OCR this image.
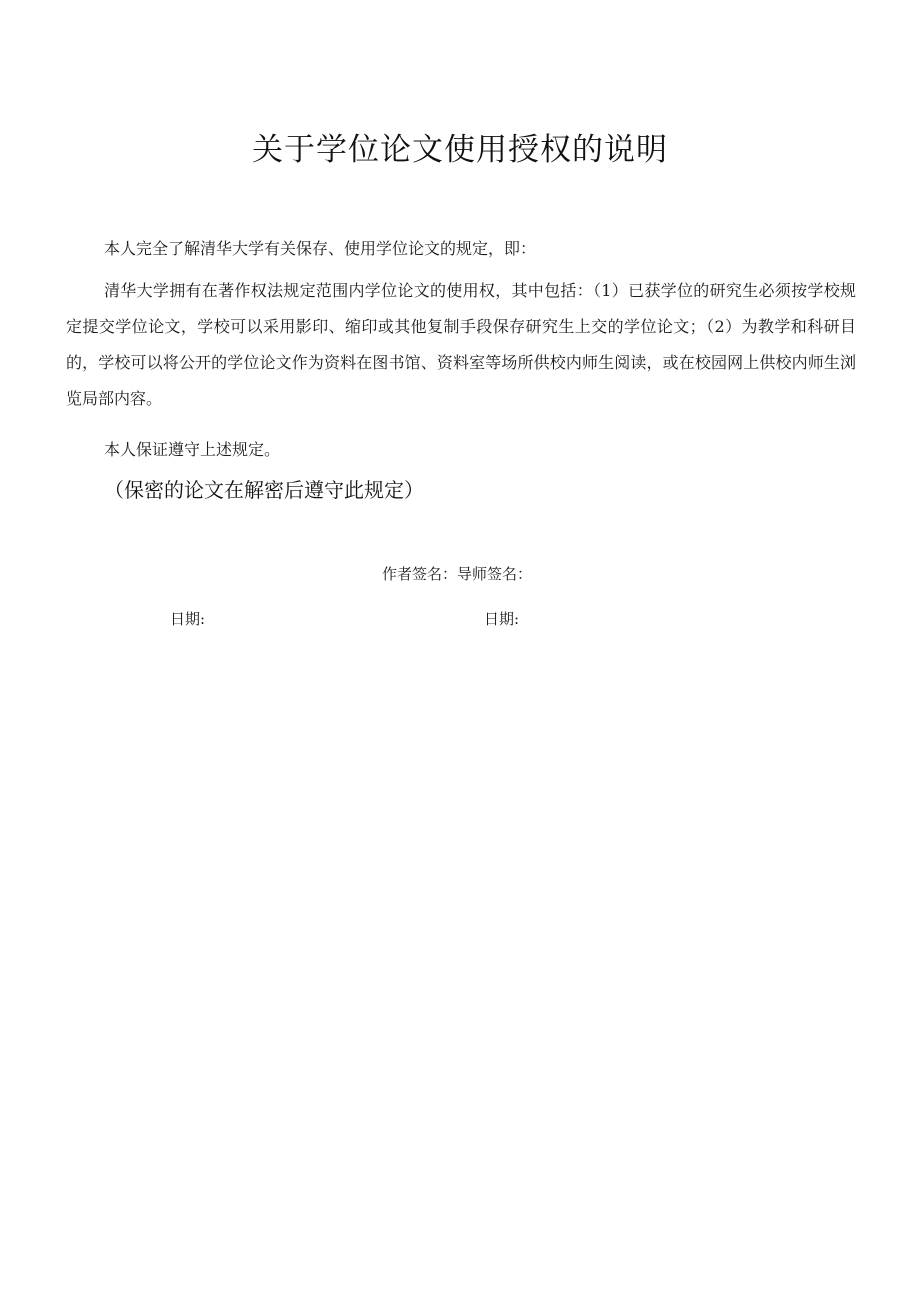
关于学位论文使用授权的说明

本人完全了解清华大学有关保存、使用学位论文的规定，即：

清华大学拥有在著作权法规定范围内学位论文的使用权，其中包括：（1）已获学位的研究生必须按学校规定提交学位论文，学校可以采用影印、缩印或其他复制手段保存研究生上交的学位论文；（2）为教学和科研目的，学校可以将公开的学位论文作为资料在图书馆、资料室等场所供校内师生阅读，或在校园网上供校内师生浏览局部内容。

本人保证遵守上述规定。

（保密的论文在解密后遵守此规定）

作者签名：导师签名：

日期:	日期:
